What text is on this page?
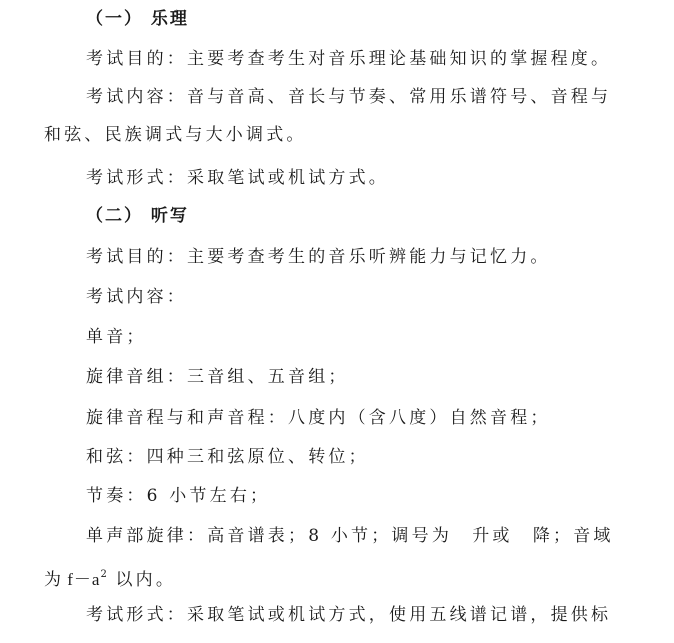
（一） 乐理
考试目的：主要考查考生对音乐理论基础知识的掌握程度。
考试内容：音与音高、音长与节奏、常用乐谱符号、音程与
和弦、民族调式与大小调式。
考试形式：采取笔试或机试方式。
（二） 听写
考试目的：主要考查考生的音乐听辨能力与记忆力。
考试内容：
单音；
旋律音组：三音组、五音组；
旋律音程与和声音程：八度内（含八度）自然音程；
和弦：四种三和弦原位、转位；
节奏：6 小节左右；
单声部旋律：高音谱表；8 小节；调号为　升或　降；音域
为 $f-a^2$ 以内。
考试形式：采取笔试或机试方式，使用五线谱记谱，提供标
